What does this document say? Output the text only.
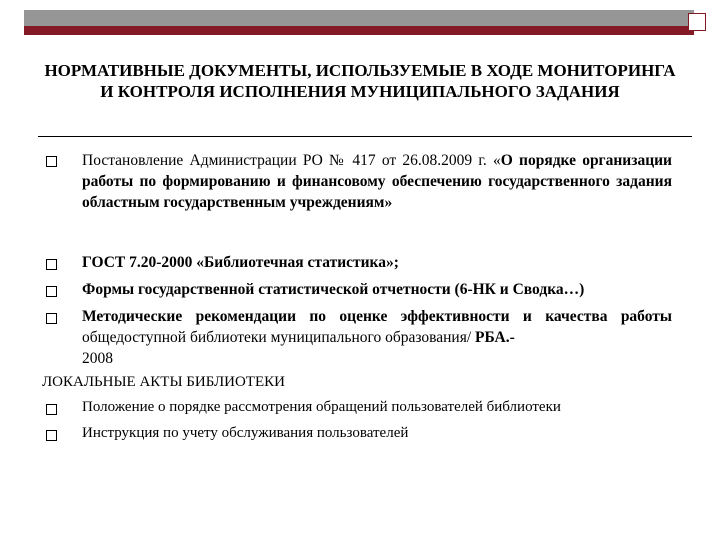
НОРМАТИВНЫЕ ДОКУМЕНТЫ, ИСПОЛЬЗУЕМЫЕ В ХОДЕ МОНИТОРИНГА И КОНТРОЛЯ ИСПОЛНЕНИЯ МУНИЦИПАЛЬНОГО ЗАДАНИЯ
Постановление Администрации РО № 417 от 26.08.2009 г. «О порядке организации работы по формированию и финансовому обеспечению государственного задания областным государственным учреждениям»
ГОСТ 7.20-2000 «Библиотечная статистика»;
Формы государственной статистической отчетности (6-НК и Сводка…)
Методические рекомендации по оценке эффективности и качества работы общедоступной библиотеки муниципального образования/ РБА.-
2008
ЛОКАЛЬНЫЕ АКТЫ БИБЛИОТЕКИ
Положение о порядке рассмотрения обращений пользователей библиотеки
Инструкция по учету обслуживания пользователей
